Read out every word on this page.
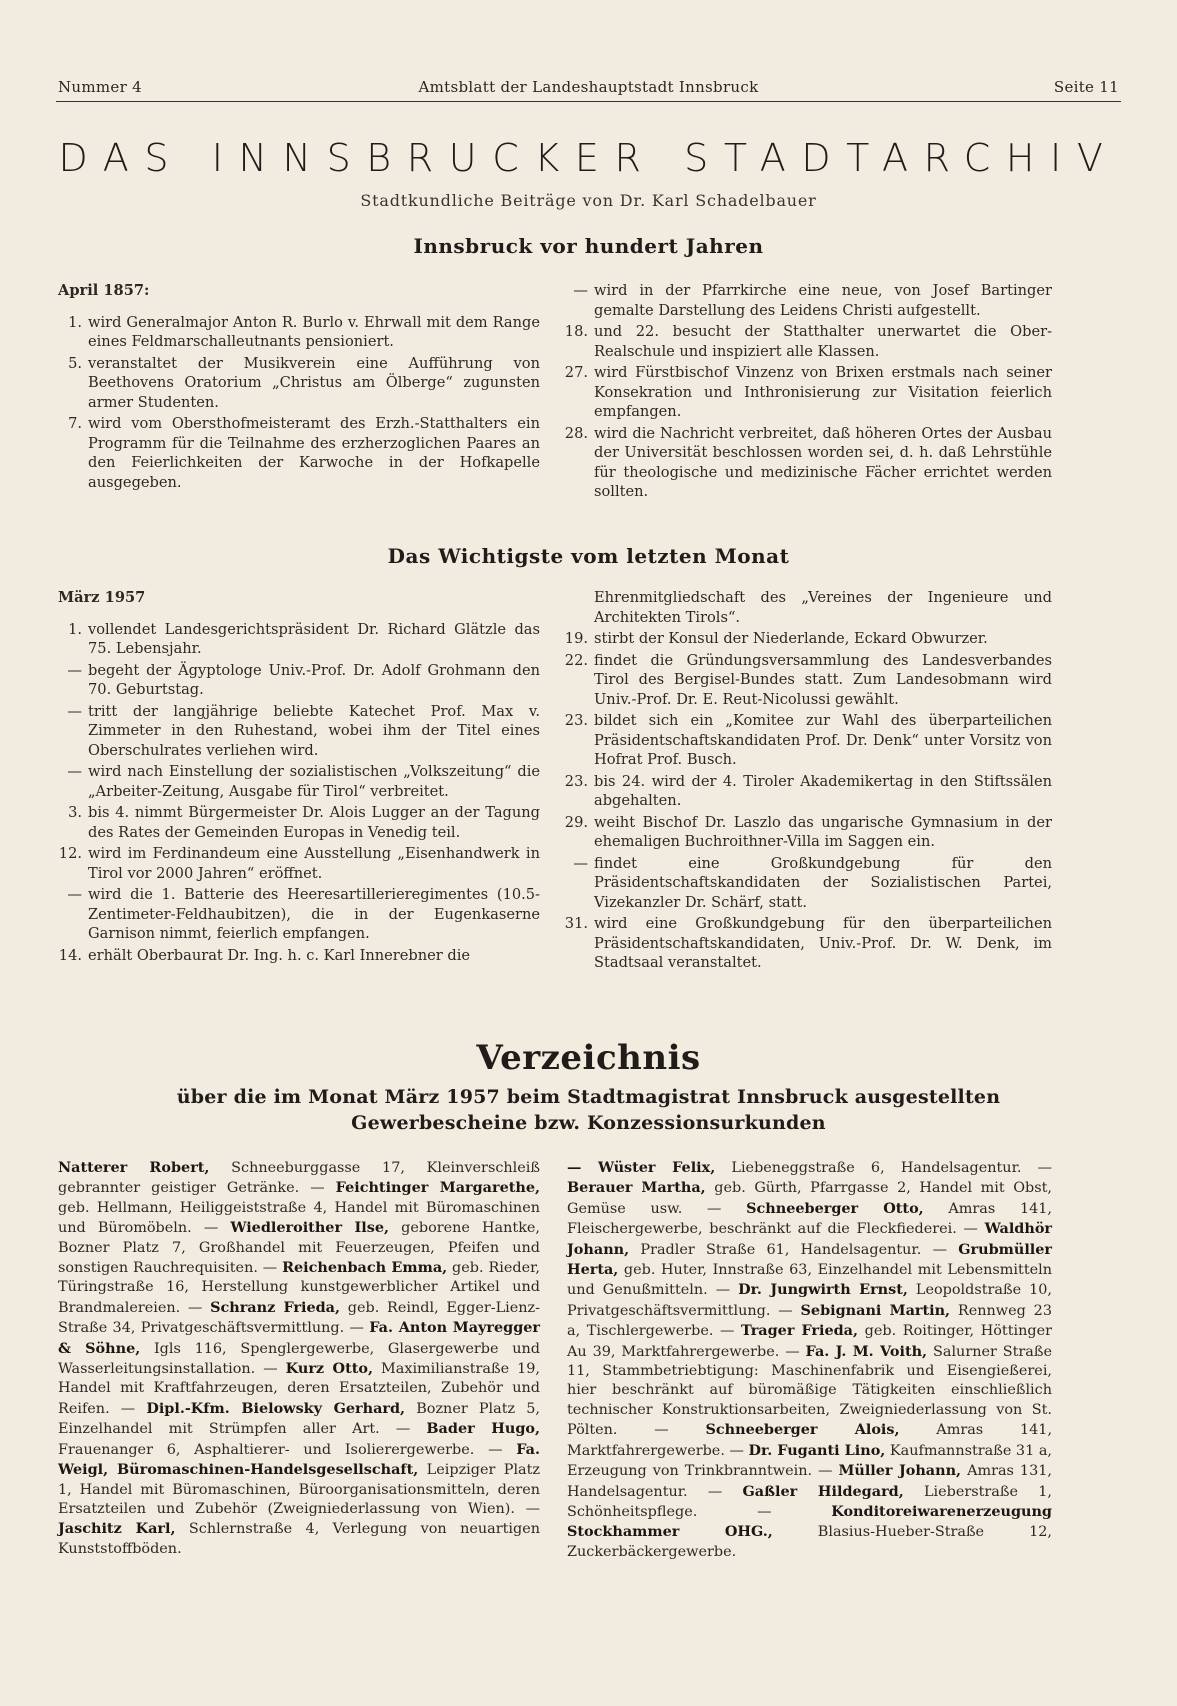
Nummer 4	Amtsblatt der Landeshauptstadt Innsbruck	Seite 11
DAS INNSBRUCKER STADTARCHIV
Stadtkundliche Beiträge von Dr. Karl Schadelbauer
Innsbruck vor hundert Jahren
April 1857:
1. wird Generalmajor Anton R. Burlo v. Ehrwall mit dem Range eines Feldmarschalleutnants pensioniert.
5. veranstaltet der Musikverein eine Aufführung von Beethovens Oratorium „Christus am Ölberge“ zugunsten armer Studenten.
7. wird vom Obersthofmeisteramt des Erzh.-Statthalters ein Programm für die Teilnahme des erzherzoglichen Paares an den Feierlichkeiten der Karwoche in der Hofkapelle ausgegeben.
— wird in der Pfarrkirche eine neue, von Josef Bartinger gemalte Darstellung des Leidens Christi aufgestellt.
18. und 22. besucht der Statthalter unerwartet die Ober-Realschule und inspiziert alle Klassen.
27. wird Fürstbischof Vinzenz von Brixen erstmals nach seiner Konsekration und Inthronisierung zur Visitation feierlich empfangen.
28. wird die Nachricht verbreitet, daß höheren Ortes der Ausbau der Universität beschlossen worden sei, d. h. daß Lehrstühle für theologische und medizinische Fächer errichtet werden sollten.
Das Wichtigste vom letzten Monat
März 1957
1. vollendet Landesgerichtspräsident Dr. Richard Glätzle das 75. Lebensjahr.
— begeht der Ägyptologe Univ.-Prof. Dr. Adolf Grohmann den 70. Geburtstag.
— tritt der langjährige beliebte Katechet Prof. Max v. Zimmeter in den Ruhestand, wobei ihm der Titel eines Oberschulrates verliehen wird.
— wird nach Einstellung der sozialistischen „Volkszeitung“ die „Arbeiter-Zeitung, Ausgabe für Tirol“ verbreitet.
3. bis 4. nimmt Bürgermeister Dr. Alois Lugger an der Tagung des Rates der Gemeinden Europas in Venedig teil.
12. wird im Ferdinandeum eine Ausstellung „Eisenhandwerk in Tirol vor 2000 Jahren“ eröffnet.
— wird die 1. Batterie des Heeresartillerieregimentes (10.5-Zentimeter-Feldhaubitzen), die in der Eugenkaserne Garnison nimmt, feierlich empfangen.
14. erhält Oberbaurat Dr. Ing. h. c. Karl Innerebner die
Ehrenmitgliedschaft des „Vereines der Ingenieure und Architekten Tirols“.
19. stirbt der Konsul der Niederlande, Eckard Obwurzer.
22. findet die Gründungsversammlung des Landesverbandes Tirol des Bergisel-Bundes statt. Zum Landesobmann wird Univ.-Prof. Dr. E. Reut-Nicolussi gewählt.
23. bildet sich ein „Komitee zur Wahl des überparteilichen Präsidentschaftskandidaten Prof. Dr. Denk“ unter Vorsitz von Hofrat Prof. Busch.
23. bis 24. wird der 4. Tiroler Akademikertag in den Stiftssälen abgehalten.
29. weiht Bischof Dr. Laszlo das ungarische Gymnasium in der ehemaligen Buchroithner-Villa im Saggen ein.
— findet eine Großkundgebung für den Präsidentschaftskandidaten der Sozialistischen Partei, Vizekanzler Dr. Schärf, statt.
31. wird eine Großkundgebung für den überparteilichen Präsidentschaftskandidaten, Univ.-Prof. Dr. W. Denk, im Stadtsaal veranstaltet.
Verzeichnis
über die im Monat März 1957 beim Stadtmagistrat Innsbruck ausgestellten
Gewerbescheine bzw. Konzessionsurkunden
Natterer Robert, Schneeburggasse 17, Kleinverschleiß gebrannter geistiger Getränke. — Feichtinger Margarethe, geb. Hellmann, Heiliggeiststraße 4, Handel mit Büromaschinen und Büromöbeln. — Wiedleroither Ilse, geborene Hantke, Bozner Platz 7, Großhandel mit Feuerzeugen, Pfeifen und sonstigen Rauchrequisiten. — Reichenbach Emma, geb. Rieder, Türingstraße 16, Herstellung kunstgewerblicher Artikel und Brandmalereien. — Schranz Frieda, geb. Reindl, Egger-Lienz-Straße 34, Privatgeschäftsvermittlung. — Fa. Anton Mayregger & Söhne, Igls 116, Spenglergewerbe, Glasergewerbe und Wasserleitungsinstallation. — Kurz Otto, Maximilianstraße 19, Handel mit Kraftfahrzeugen, deren Ersatzteilen, Zubehör und Reifen. — Dipl.-Kfm. Bielowsky Gerhard, Bozner Platz 5, Einzelhandel mit Strümpfen aller Art. — Bader Hugo, Frauenanger 6, Asphaltierer- und Isolierergewerbe. — Fa. Weigl, Büromaschinen-Handelsgesellschaft, Leipziger Platz 1, Handel mit Büromaschinen, Büroorganisationsmitteln, deren Ersatzteilen und Zubehör (Zweigniederlassung von Wien). — Jaschitz Karl, Schlernstraße 4, Verlegung von neuartigen Kunststoffböden.
— Wüster Felix, Liebeneggstraße 6, Handelsagentur. — Berauer Martha, geb. Gürth, Pfarrgasse 2, Handel mit Obst, Gemüse usw. — Schneeberger Otto, Amras 141, Fleischergewerbe, beschränkt auf die Fleckfiederei. — Waldhör Johann, Pradler Straße 61, Handelsagentur. — Grubmüller Herta, geb. Huter, Innstraße 63, Einzelhandel mit Lebensmitteln und Genußmitteln. — Dr. Jungwirth Ernst, Leopoldstraße 10, Privatgeschäftsvermittlung. — Sebignani Martin, Rennweg 23 a, Tischlergewerbe. — Trager Frieda, geb. Roitinger, Höttinger Au 39, Marktfahrergewerbe. — Fa. J. M. Voith, Salurner Straße 11, Stammbetriebtigung: Maschinenfabrik und Eisengießerei, hier beschränkt auf büromäßige Tätigkeiten einschließlich technischer Konstruktionsarbeiten, Zweigniederlassung von St. Pölten. — Schneeberger Alois, Amras 141, Marktfahrergewerbe. — Dr. Fuganti Lino, Kaufmannstraße 31 a, Erzeugung von Trinkbranntwein. — Müller Johann, Amras 131, Handelsagentur. — Gaßler Hildegard, Lieberstraße 1, Schönheitspflege. — Konditoreiwarenerzeugung Stockhammer OHG., Blasius-Hueber-Straße 12, Zuckerbäckergewerbe.
